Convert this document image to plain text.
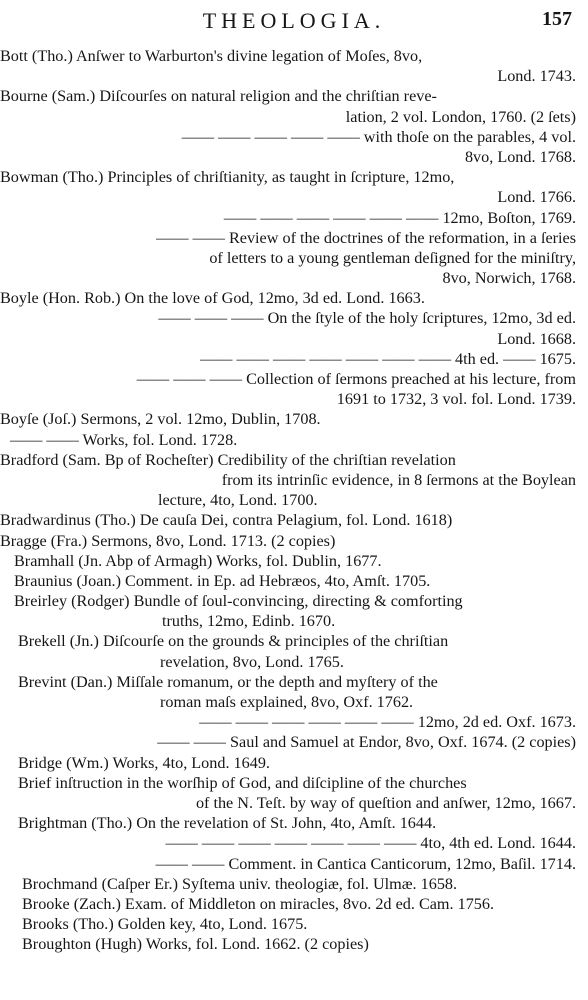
THEOLOGIA.	157
Bott (Tho.) Anſwer to Warburton's divine legation of Moſes, 8vo,
Lond. 1743.
Bourne (Sam.) Diſcourſes on natural religion and the chriſtian reve-
lation, 2 vol. London, 1760. (2 ſets)
—— —— —— —— —— with thoſe on the parables, 4 vol.
8vo, Lond. 1768.
Bowman (Tho.) Principles of chriſtianity, as taught in ſcripture, 12mo,
Lond. 1766.
—— —— —— —— —— —— 12mo, Boſton, 1769.
—— —— Review of the doctrines of the reformation, in a ſeries
of letters to a young gentleman deſigned for the miniſtry,
8vo, Norwich, 1768.
Boyle (Hon. Rob.) On the love of God, 12mo, 3d ed. Lond. 1663.
—— —— —— On the ſtyle of the holy ſcriptures, 12mo, 3d ed.
Lond. 1668.
—— —— —— —— —— —— —— 4th ed. —— 1675.
—— —— —— Collection of ſermons preached at his lecture, from
1691 to 1732, 3 vol. fol. Lond. 1739.
Boyſe (Joſ.) Sermons, 2 vol. 12mo, Dublin, 1708.
—— —— Works, fol. Lond. 1728.
Bradford (Sam. Bp of Rocheſter) Credibility of the chriſtian revelation
from its intrinſic evidence, in 8 ſermons at the Boylean
lecture, 4to, Lond. 1700.
Bradwardinus (Tho.) De cauſa Dei, contra Pelagium, fol. Lond. 1618)
Bragge (Fra.) Sermons, 8vo, Lond. 1713. (2 copies)
Bramhall (Jn. Abp of Armagh) Works, fol. Dublin, 1677.
Braunius (Joan.) Comment. in Ep. ad Hebræos, 4to, Amſt. 1705.
Breirley (Rodger) Bundle of ſoul-convincing, directing & comforting
truths, 12mo, Edinb. 1670.
Brekell (Jn.) Diſcourſe on the grounds & principles of the chriſtian
revelation, 8vo, Lond. 1765.
Brevint (Dan.) Miſſale romanum, or the depth and myſtery of the
roman maſs explained, 8vo, Oxf. 1762.
—— —— —— —— —— —— 12mo, 2d ed. Oxf. 1673.
—— —— Saul and Samuel at Endor, 8vo, Oxf. 1674. (2 copies)
Bridge (Wm.) Works, 4to, Lond. 1649.
Brief inſtruction in the worſhip of God, and diſcipline of the churches
of the N. Teſt. by way of queſtion and anſwer, 12mo, 1667.
Brightman (Tho.) On the revelation of St. John, 4to, Amſt. 1644.
—— —— —— —— —— —— —— 4to, 4th ed. Lond. 1644.
—— —— Comment. in Cantica Canticorum, 12mo, Baſil. 1714.
Brochmand (Caſper Er.) Syſtema univ. theologiæ, fol. Ulmæ. 1658.
Brooke (Zach.) Exam. of Middleton on miracles, 8vo. 2d ed. Cam. 1756.
Brooks (Tho.) Golden key, 4to, Lond. 1675.
Broughton (Hugh) Works, fol. Lond. 1662. (2 copies)
